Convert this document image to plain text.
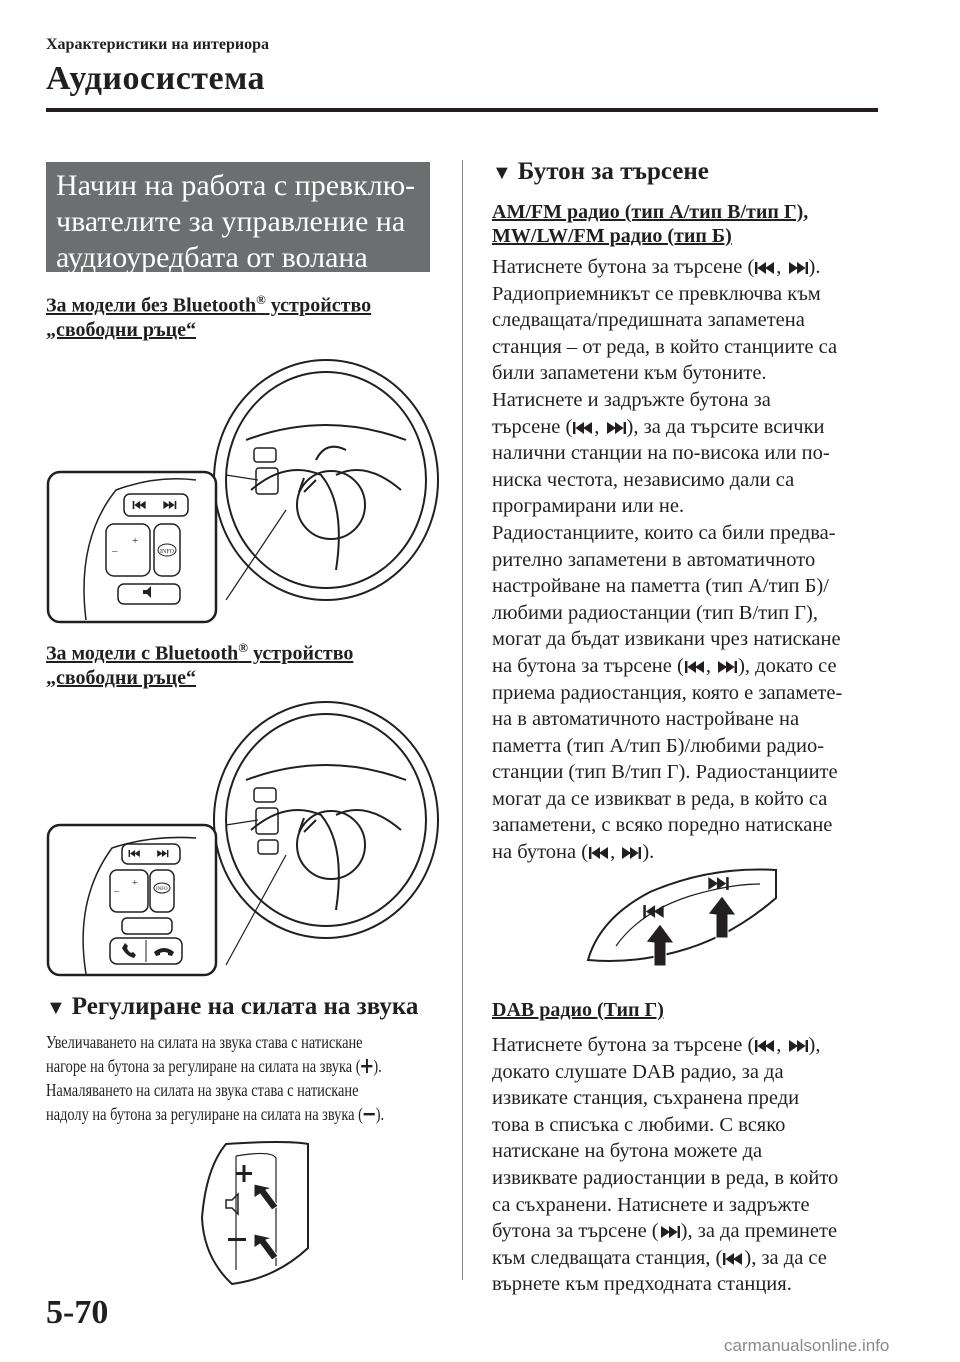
Характеристики на интериора
Аудиосистема
Начин на работа с превклю-
чвателите за управление на
аудиоуредбата от волана
За модели без Bluetooth® устройство
„свободни ръце“
–
+
INFO
За модели с Bluetooth® устройство
„свободни ръце“
–
+
INFO
▼ Регулиране на силата на звука
Увеличаването на силата на звука става с натискане
нагоре на бутона за регулиране на силата на звука ( ).
Намаляването на силата на звука става с натискане
надолу на бутона за регулиране на силата на звука ( ).
▼ Бутон за търсене
AM/FM радио (тип A/тип B/тип Г),
MW/LW/FM радио (тип Б)
Натиснете бутона за търсене ( , ).
Радиоприемникът се превключва към
следващата/предишната запаметена
станция – от реда, в който станциите са
били запаметени към бутоните.
Натиснете и задръжте бутона за
търсене ( , ), за да търсите всички
налични станции на по-висока или по-
ниска честота, независимо дали са
програмирани или не.
Радиостанциите, които са били предва-
рително запаметени в автоматичното
настройване на паметта (тип A/тип Б)/
любими радиостанции (тип B/тип Г),
могат да бъдат извикани чрез натискане
на бутона за търсене ( , ), докато се
приема радиостанция, която е запамете-
на в автоматичното настройване на
паметта (тип A/тип Б)/любими радио-
станции (тип B/тип Г). Радиостанциите
могат да се извикват в реда, в който са
запаметени, с всяко поредно натискане
на бутона ( , ).
DAB радио (Тип Г)
Натиснете бутона за търсене ( , ),
докато слушате DAB радио, за да
извикате станция, съхранена преди
това в списъка с любими. С всяко
натискане на бутона можете да
извиквате радиостанции в реда, в който
са съхранени. Натиснете и задръжте
бутона за търсене ( ), за да преминете
към следващата станция, ( ), за да се
върнете към предходната станция.
5-70
carmanualsonline.info
